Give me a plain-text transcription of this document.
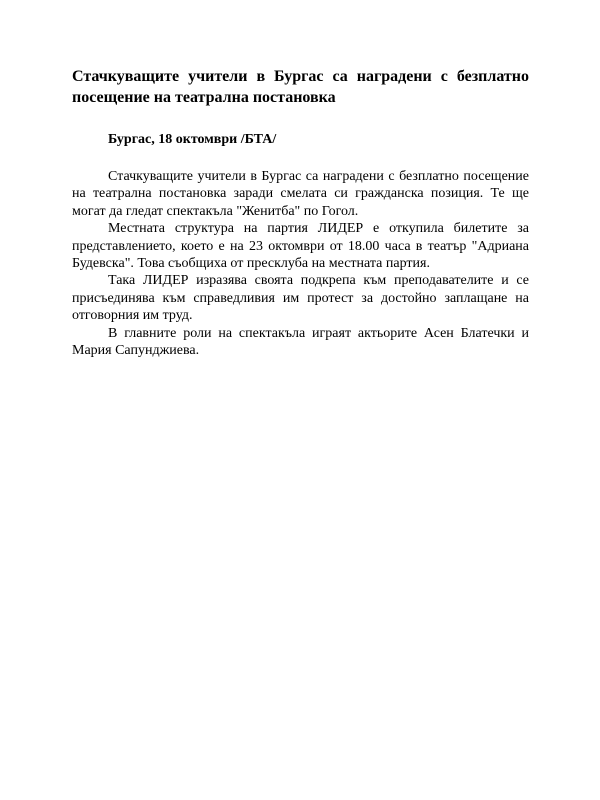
Стачкуващите учители в Бургас са наградени с безплатно посещение на театрална постановка
Бургас, 18 октомври /БТА/

Стачкуващите учители в Бургас са наградени с безплатно посещение на театрална постановка заради смелата си гражданска позиция. Те ще могат да гледат спектакъла "Женитба" по Гогол.

Местната структура на партия ЛИДЕР е откупила билетите за представлението, което е на 23 октомври от 18.00 часа в театър "Адриана Будевска". Това съобщиха от пресклуба на местната партия.

Така ЛИДЕР изразява своята подкрепа към преподавателите и се присъединява към справедливия им протест за достойно заплащане на отговорния им труд.

В главните роли на спектакъла играят актьорите Асен Блатечки и Мария Сапунджиева.
